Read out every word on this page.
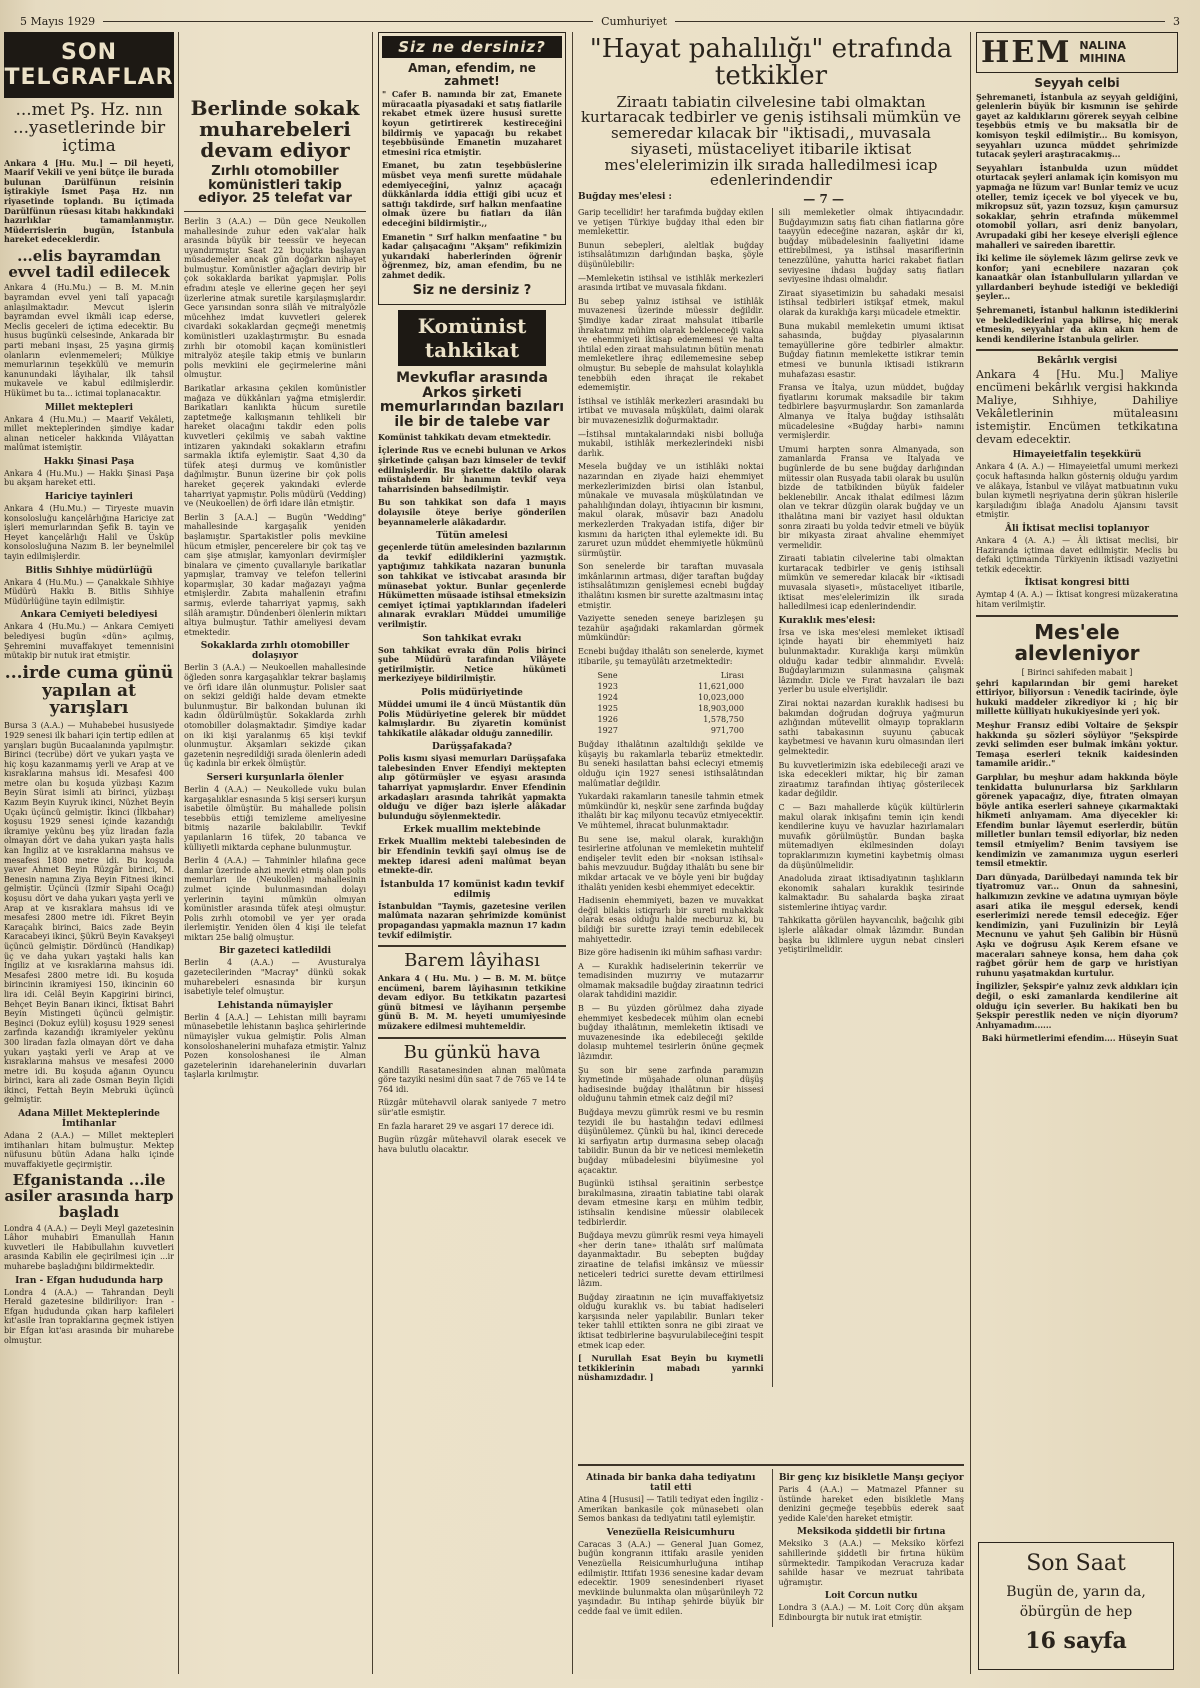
5 Mayıs 1929	Cumhuriyet	3
SON TELGRAFLAR
...met Pş. Hz. nın ...yasetlerinde bir içtima

Ankara 4 [Hu. Mu.] — Dil heyeti, Maarif Vekili ve yeni bütçe ile burada bulunan Darülfünun reisinin iştirakiyle İsmet Paşa Hz. nın riyasetinde toplandı. Bu içtimada Darülfünun rüesası kitabı hakkındaki hazırlıklar tamamlanmıştır. Müderrislerin bugün, İstanbula hareket edeceklerdir.

...elis bayramdan evvel tadil edilecek

Ankara 4 (Hu.Mu.) — B. M. M.nin bayramdan evvel yeni talî yapacağı anlaşılmaktadır. Mevcut işlerin bayramdan evvel ikmâli icap ederse, Meclis geceleri de içtima edecektir. Bu husus bugünkü celsesinde, Ankarada bir parti mebani inşası, 25 yaşına girmiş olanların evlenmemeleri; Mülkiye memurlarının teşekkülü ve memurin kanunundaki lâyihalar, ilk tahsil mukavele ve kabul edilmişlerdir. Hükümet bu ta... ictimai toplanacaktır.

Millet mektepleri

Ankara 4 (Hu.Mu.) — Maarif Vekâleti, millet mekteplerinden şimdiye kadar alınan neticeler hakkında Vilâyattan malûmat istemiştir.

Hakkı Şinasi Paşa

Ankara 4 (Hu.Mu.) — Hakkı Şinasi Paşa bu akşam hareket etti.

Hariciye tayinleri

Ankara 4 (Hu.Mu.) — Tiryeste muavin konsolosluğu kançelârlığına Hariciye zat işleri memurlarından Şefik B. tayin ve Heyet kançelârlığı Halil ve Üsküp konsolosluğuna Nazım B. ler beynelmilel tayin edilmişlerdir.

Bitlis Sıhhiye müdürlüğü

Ankara 4 (Hu.Mu.) — Çanakkale Sıhhiye Müdürü Hakkı B. Bitlis Sıhhiye Müdürlüğüne tayin edilmiştir.

Ankara Cemiyeti belediyesi

Ankara 4 (Hu.Mu.) — Ankara Cemiyeti belediyesi bugün «dün» açılmış, Şehremini muvaffakıyet temennisini mütakip bir nutuk irat etmiştir.

...irde cuma günü yapılan at yarışları

Bursa 3 (A.A.) — Muhabebei hususiyede 1929 senesi ilk bahari için tertip edilen at yarışları bugün Bucaalanında yapılmıştır. Birinci (tecrübe) dört ve yukarı yaşta ve hiç koşu kazanmamış yerli ve Arap at ve kısraklarına mahsus idi. Mesafesi 400 metre olan bu koşuda yüzbaşı Kazım Beyin Sürat isimli atı birinci, yüzbaşı Kazım Beyin Kuyruk ikinci, Nüzhet Beyin Uçakı üçüncü gelmiştir. İkinci (İlkbahar) koşusu 1929 senesi içinde kazandığı ikramiye yekûnu beş yüz liradan fazla olmayan dört ve daha yukarı yaşta halis kan İngiliz at ve kısraklarına mahsus ve mesafesi 1800 metre idi. Bu koşuda yaver Ahmet Beyin Rüzgâr birinci, M. Benesin namına Ziya Beyin Fitnesi ikinci gelmiştir. Üçüncü (İzmir Sipahi Ocağı) koşusu dört ve daha yukarı yaşta yerli ve Arap at ve kısraklara mahsus idi ve mesafesi 2800 metre idi. Fikret Beyin Karaçalık birinci, Baics zade Beyin Karacabeyi ikinci, Şükrü Beyin Kavakşeyi üçüncü gelmiştir. Dördüncü (Handikap) üç ve daha yukarı yaştaki halis kan İngiliz at ve kısraklarına mahsus idi. Mesafesi 2800 metre idi. Bu koşuda birincinin ikramiyesi 150, ikincinin 60 lira idi. Celâl Beyin Kapgirini birinci, Behçet Beyin Banarı ikinci, İktisat Bahri Beyin Mistingeti üçüncü gelmiştir. Beşinci (Dokuz eylül) koşusu 1929 senesi zarfında kazandığı ikramiyeler yekûnu 300 liradan fazla olmayan dört ve daha yukarı yaştaki yerli ve Arap at ve kısraklarına mahsus ve mesafesi 2000 metre idi. Bu koşuda ağanın Oyuncu birinci, kara ali zade Osman Beyin Ilçidi ikinci, Fettah Beyin Mebruki üçüncü gelmiştir.

Adana Millet Mekteplerinde İmtihanlar

Adana 2 (A.A.) — Millet mektepleri imtihanları hitam bulmuştur. Mektep nüfusunu bütün Adana halkı içinde muvaffakiyetle geçirmiştir.

Efganistanda ...ile asiler arasında harp başladı

Londra 4 (A.A.) — Deyli Meyl gazetesinin Lâhor muhabiri Emanullah Hanın kuvvetleri ile Habibullahın kuvvetleri arasında Kabilin ele geçirilmesi için ...ir muharebe başladığını bildirmektedir.

Iran - Efgan hududunda harp

Londra 4 (A.A.) — Tahrandan Deyli Herald gazetesine bildiriliyor: İran - Efgan hududunda çıkan harp kafileleri kıt'asile İran topraklarına geçmek istiyen bir Efgan kıt'ası arasında bir muharebe olmuştur.

Berlinde sokak muharebeleri devam ediyor
Zırhlı otomobiller komünistleri takip ediyor. 25 telefat var

Berlin 3 (A.A.) — Dün gece Neukollen mahallesinde zuhur eden vak'alar halk arasında büyük bir teessür ve heyecan uyandırmıştır. Saat 22 buçukta başlayan müsademeler ancak gün doğarkın nihayet bulmuştur. Komünistler ağaçları devirip bir çok sokaklarda barikat yapmışlar. Polis efradını ateşle ve ellerine geçen her şeyi üzerlerine atmak suretile karşılaşmışlardır. Gece yarısından sonra silâh ve mitralyözle mücehhez imdat kuvvetleri gelerek civardaki sokaklardan geçmeği menetmiş komünistleri uzaklaştırmıştır. Bu esnada zırhlı bir otomobil kaçan komünistleri mitralyöz ateşile takip etmiş ve bunların polis mevkiini ele geçirmelerine mâni olmuştur.

Barikatlar arkasına çekilen komünistler mağaza ve dükkânları yağma etmişlerdir. Barikatları kanlıkta hücum suretile zaptetmeğe kalkışmanın tehlikeli bir hareket olacağını takdir eden polis kuvvetleri çekilmiş ve sabah vaktine intizaren yakındaki sokakların etrafını sarmakla iktifa eylemiştir. Saat 4,30 da tüfek ateşi durmuş ve komünistler dağılmıştır. Bunun üzerine bir çok polis hareket geçerek yakındaki evlerde taharriyat yapmıştır. Polis müdürü (Vedding) ve (Neukoellen) de örfi idare ilân etmiştir.

Berlin 3 [A.A.] — Bugün "Wedding" mahallesinde kargaşalık yeniden başlamıştır. Spartakistler polis mevkiine hücum etmişler, pencerelere bir çok taş ve cam şişe atmışlar, kamyonları devirmişler binalara ve çimento çuvallarıyle barikatlar yapmışlar, tramvay ve telefon tellerini koparmışlar, 30 kadar mağazayı yağma etmişlerdir. Zabıta mahallenin etrafını sarmış, evlerde taharriyat yapmış, sakh silâh aramıştır. Dündenberi ölenlerin miktarı altıya bulmuştur. Tathir ameliyesi devam etmektedir.

Sokaklarda zırhlı otomobiller dolaşıyor

Berlin 3 (A.A.) — Neukoellen mahallesinde öğleden sonra kargaşalıklar tekrar başlamış ve örfi idare ilân olunmuştur. Polisler saat on sekizi geldiği halde devam etmekte bulunmuştur. Bir balkondan bulunan iki kadın öldürülmüştür. Sokaklarda zırhlı otomobiller dolaşmaktadır. Şimdiye kadar on iki kişi yaralanmış 65 kişi tevkif olunmuştur. Akşamları sekizde çıkan gazetenin neşredildiği sırada ölenlerin adedi üç kadınla bir erkek ölmüştür.

Serseri kurşunlarla ölenler

Berlin 4 (A.A.) — Neukollede vuku bulan kargaşalıklar esnasında 5 kişi serseri kurşun isabetile ölmüştür. Bu mahallede polisin tesebbüs ettiği temizleme ameliyesine bitmiş nazarile bakılabilir. Tevkif yapılanların 16 tüfek, 20 tabanca ve külliyetli miktarda cephane bulunmuştur.

Berlin 4 (A.A.) — Tahminler hilafına gece damlar üzerinde ahzi mevki etmiş olan polis memurları ile (Neukollen) mahallesinin zulmet içinde bulunmasından dolayı yerlerinin tayini mümkün olmıyan komünistler arasında tüfek ateşi olmuştur. Polis zırhlı otomobil ve yer yer orada ilerlemiştir. Yeniden ölen 4 kişi ile telefat miktarı 25e baliğ olmuştur.

Bir gazeteci katledildi

Berlin 4 (A.A.) — Avusturalya gazetecilerinden "Macray" dünkü sokak muharebeleri esnasında bir kurşun isabetiyle telef olmuştur.

Lehistanda nümayişler

Berlin 4 [A.A.] — Lehistan milli bayramı münasebetile lehistanın başlıca şehirlerinde nümayişler vukua gelmiştir. Polis Alman konsoloshanelerini muhafaza etmiştir. Yalnız Pozen konsoloshanesi ile Alman gazetelerinin idarehanelerinin duvarları taşlarla kırılmıştır.

Siz ne dersiniz?
Aman, efendim, ne zahmet!

" Cafer B. namında bir zat, Emanete müracaatla piyasadaki et satış fiatlarile rekabet etmek üzere hususi surette koyun getirtirerek kestireceğini bildirmiş ve yapacağı bu rekabet teşebbüsünde Emanetin muzaharet etmesini rica etmiştir.

Emanet, bu zatın teşebbüslerine müsbet veya menfi surette müdahale edemiyeceğini, yalnız açacağı dükkânlarda iddia ettiği gibi ucuz et sattığı takdirde, sırf halkın menfaatine olmak üzere bu fiatları da ilân edeceğini bildirmiştir.,,

Emanetin " Sırf halkın menfaatine " bu kadar çalışacağını "Akşam" refikimizin yukarıdaki haberlerinden öğrenir öğrenmez, biz, aman efendim, bu ne zahmet dedik.

Siz ne dersiniz ?
Komünist tahkikat
Mevkuflar arasında Arkos şirketi memurlarından bazıları ile bir de talebe var

Komünist tahkikatı devam etmektedir.

İçlerinde Rus ve ecnebi bulunan ve Arkos şirketinde çalışan bazı kimseler de tevkif edilmişlerdir. Bu şirkette daktilo olarak müstahdem bir hanımın tevkif veya taharrisinden bahsedilmiştir.

Bu son tahkikat son dafa 1 mayıs dolayısile öteye beriye gönderilen beyannamelerle alâkadardır.

Tütün amelesi

geçenlerde tütün amelesinden bazılarının da tevkif edildiklerini yazmıştık. yaptığımız tahkikata nazaran bununla son tahkikat ve istivcabat arasında bir münasebat yoktur. Bunlar geçenlerde Hükümetten müsaade istihsal etmeksizin cemiyet içtimai yaptıklarından ifadeleri alınarak evrakları Müddei umumiliğe verilmiştir.

Son tahkikat evrakı

Son tahkikat evrakı dün Polis birinci şube Müdürü tarafından Vilâyete getirilmiştir. Netice hükûmeti merkeziyeye bildirilmiştir.

Polis müdüriyetinde

Müddei umumi ile 4 üncü Müstantik dün Polis Müdüriyetine gelerek bir müddet kalmışlardır. Bu ziyaretin komünist tahkikatile alâkadar olduğu zannedilir.

Darüşşafakada?

Polis kısmı siyasi memurları Darüşşafaka talebesinden Enver Efendiyi mektepten alıp götürmüşler ve eşyası arasında taharriyat yapmışlardır. Enver Efendinin arkadaşları arasında tahrikât yapmakta olduğu ve diğer bazı işlerle alâkadar bulunduğu söylenmektedir.

Erkek muallim mektebinde

Erkek Muallim mektebi talebesinden de bir Efendinin tevkifi şayi olmuş ise de mektep idaresi adeni malûmat beyan etmekte-dir.

İstanbulda 17 komünist kadın tevkif edilmiş

İstanbuldan "Taymis, gazetesine verilen malûmata nazaran şehrimizde komünist propagandası yapmakla maznun 17 kadın tevkif edilmiştir.

Barem lâyihası

Ankara 4 ( Hu. Mu. ) — B. M. M. bütçe encümeni, barem lâyihasının tetkikine devam ediyor. Bu tetkikatın pazartesi günü bitmesi ve lâyihanın perşembe günü B. M. M. heyeti umumiyesinde müzakere edilmesi muhtemeldir.

Bu günkü hava

Kandilli Rasatanesinden alınan malûmata göre tazyiki nesimi dün saat 7 de 765 ve 14 te 764 idi.

Rüzgâr mütehavvil olarak saniyede 7 metro sür'atle esmiştir.

En fazla hararet 29 ve asgari 17 derece idi.

Bugün rüzgâr mütehavvil olarak esecek ve hava bulutlu olacaktır.

"Hayat pahalılığı" etrafında tetkikler
Ziraatı tabiatin cilvelesine tabi olmaktan kurtaracak tedbirler ve geniş istihsali mümkün ve semeredar kılacak bir "iktisadi,, muvasala siyaseti, müstaceliyet itibarile iktisat mes'elelerimizin ilk sırada halledilmesi icap edenlerindendir
Buğday mes'elesi :	— 7 —

Garip tecellidir! her tarafımda buğday ekilen ve yetişen Türkiye buğday ithal eden bir memlekettir.

Bunun sebepleri, aleltlak buğday istihsalâtımızın darlığından başka, şöyle düşünülebilir:

—Memleketin istihsal ve istihlâk merkezleri arasında irtibat ve muvasala fıkdanı.

Bu sebep yalnız istihsal ve istihlâk muvazenesi üzerinde müessir değildir. Şimdiye kadar ziraat mahsulat itibarile ihrakatımız mühim olarak bekleneceği vakıa ve ehemmiyeti iktisap edememesi ve halta ihtilal eden ziraat mahsulatının bütün menatı memleketlere ihraç edilememesine sebep olmuştur. Bu sebeple de mahsulat kolaylıkla tenebbüh eden ihraçat ile rekabet edememiştir.

İstihsal ve istihlâk merkezleri arasındaki bu irtibat ve muvasala müşkülatı, daimi olarak bir muvazenesizlik doğurmaktadır.

—İstihsal mıntakalarındaki nisbi bolluğa mukabil, istihlâk merkezlerindeki nisbi darlık.

Mesela buğday ve un istihlâki noktai nazarından en ziyade haizi ehemmiyet merkezlerimizden birisi olan İstanbul, münakale ve muvasala müşkülatından ve pahalılığından dolayı, ihtiyacının bir kısmını, makul olarak, müsavir bazı Anadolu merkezlerden Trakyadan istifa, diğer bir kısmını da hariçten ithal eylemekte idi. Bu zaruret uzun müddet ehemmiyetle hükmünü sürmüştür.

Son senelerde bir taraftan muvasala imkânlarının artması, diğer taraftan buğday istihsalâtımızın genişlemesi ecnebi buğday ithalâtını kısmen bir surette azaltmasını intaç etmiştir.

Vaziyette seneden seneye barizleşen şu tezahür aşağıdaki rakamlardan görmek mümkündür:

Ecnebi buğday ithalâtı son senelerde, kıymet itibarile, şu temayülâtı arzetmektedir:

Sene	Lirası
1923	11,621,000
1924	10,023,000
1925	18,903,000
1926	1,578,750
1927	971,700

Buğday ithalâtının azaltıldığı şekilde ve küşayiş bu rakamlarla tebarüz etmektedir. Bu seneki hasılattan bahsi eclecıyi etmemiş olduğu için 1927 senesi istihsalâtından malûmatlar değildir.

Yukardaki rakamların tanesile tahmin etmek mümkündür ki, neşkür sene zarfında buğday ithalâtı bir kaç milyonu tecavüz etmiyecektir. Ve mühtemel, ihracat bulunmaktadır.

Bu sene ise, makul olarak, kuraklığın tesirlerine atfolunan ve memleketin muhtelif endişeler tevlit eden bir «noksan istihsal» bahis mevzuudur. Buğday ithalâtı bu sene bir mikdar artacak ve ve böyle yeni bir buğday ithalâtı yeniden kesbi ehemmiyet edecektir.

Hadisenin ehemmiyeti, bazen ve muvakkat değil bilakis istiqrarlı bir sureti muhakkak olarak esas olduğu halde mecburuz ki, bu bildiği bir surette izrayi temin edebilecek mahiyettedir.

Bize göre hadisenin iki mühim safhası vardır:

A — Kuraklık hadiselerinin tekerrür ve temadisinden muzırrıy ve mutazarrır olmamak maksadile buğday ziraatının tedrici olarak tahdidini mazidir.

B — Bu yüzden görülmez daha ziyade ehemmiyet kesbedecek mühim olan ecnebi buğday ithalâtının, memleketin iktisadi ve muvazenesinde ika edebileceği şekilde dolasıp muhtemel tesirlerin önüne geçmek lâzımdır.

Şu son bir sene zarfında paramızın kıymetinde müşahade olunan düşüş hadisesinde buğday ithalâtının bir hissesi olduğunu tahmin etmek caiz değil mi?

Buğdaya mevzu gümrük resmi ve bu resmin tezyidi ile bu hastalığın tedavi edilmesi düşünülemez. Çünkü bu hal, ikinci derecede ki sarfiyatın artıp durmasına sebep olacağı tabiidir. Bunun da bir ve neticesi memleketin buğday mübadelesini büyümesine yol açacaktır.

Bugünkü istihsal şeraitinin serbestçe bırakılmasına, ziraatin tabiatine tabi olarak devam etmesine karşı en mühim tedbir, istihsalin kendisine müessir olabilecek tedbirlerdir.

Buğdaya mevzu gümrük resmi veya himayeli «her derin tane» ithalâtı sırf malûmata dayanmaktadır. Bu sebepten buğday ziraatine de telafisi imkânsız ve müessir neticeleri tedrici surette devam ettirilmesi lâzım.

Buğday ziraatının ne için muvaffakiyetsiz olduğu kuraklık vs. bu tabiat hadiseleri karşısında neler yapılabilir. Bunları teker teker tahlil ettikten sonra ne gibi ziraat ve iktisat tedbirlerine başvurulabileceğini tespit etmek icap eder.

[ Nurullah Esat Beyin bu kıymetli tetkiklerinin mabadı yarınki nüshamızdadır. ]

sili memleketler olmak ihtiyacındadır. Buğdayımızın satış fiatı cihan fiatlarına göre taayyün edeceğine nazaran, aşkâr dır ki, buğday mübadelesinin faaliyetini idame ettirebilmesi, ya istihsal masariflerinin tenezzülüne, yahutta harici rakabet fiatları seviyesine ihdası buğday satış fiatları seviyesine ihdası olmalıdır.

Ziraat siyasetimizin bu sahadaki mesaisi istihsal tedbirleri istikşaf etmek, makul olarak da kuraklığa karşı mücadele etmektir.

Buna mukabil memleketin umumi iktisat sahasında, buğday piyasalarının temayüllerine göre tedbirler almaktır. Buğday fiatının memlekette istikrar temin etmesi ve bununla iktisadi istikrarın muhafazası esastır.

Fransa ve İtalya, uzun müddet, buğday fiyatlarını korumak maksadile bir takım tedbirlere başvurmuşlardır. Son zamanlarda Almanya ve İtalya buğday istihsalâtı mücadelesine «Buğday harbi» namını vermişlerdir.

Umumi harpten sonra Almanyada, son zamanlarda Fransa ve İtalyada ve bugünlerde de bu sene buğday darlığından mütessir olan Rusyada tabii olarak bu usulün bizde de tatbikinden büyük faideler beklenebilir. Ancak ithalat edilmesi lâzım olan ve tekrar düzgün olarak buğday ve un ithalâtına mani bir vaziyet hasıl olduktan sonra ziraati bu yolda tedvir etmeli ve büyük bir mikyasta ziraat ahvaline ehemmiyet vermelidir.

Ziraati tabiatin cilvelerine tabi olmaktan kurtaracak tedbirler ve geniş istihsali mümkün ve semeredar kılacak bir «iktisadi muvasala siyaseti», müstaceliyet itibarile, iktisat mes'elelerimizin ilk sırada halledilmesi icap edenlerindendir.

Kuraklık mes'elesi:

İrsa ve iska mes'elesi memleket iktisadî içinde hayati bir ehemmiyeti haiz bulunmaktadır. Kuraklığa karşı mümkün olduğu kadar tedbir alınmalıdır. Evvelâ: Buğdaylarımızın sulanmasına çalışmak lâzımdır. Dicle ve Fırat havzaları ile bazı yerler bu usule elverişlidir.

Zirai noktai nazardan kuraklık hadisesi bu bakımdan doğrudan doğruya yağmurun azlığından mütevellit olmayıp toprakların sathi tabakasının suyunu çabucak kaybetmesi ve havanın kuru olmasından ileri gelmektedir.

Bu kuvvetlerimizin iska edebileceği arazi ve iska edecekleri miktar, hiç bir zaman ziraatımız tarafından ihtiyaç gösterilecek kadar değildir.

C — Bazı mahallerde küçük kültürlerin makul olarak inkişafını temin için kendi kendilerine kuyu ve havuzlar hazırlamaları muvafık görülmüştür. Bundan başka mütemadiyen ekilmesinden dolayı topraklarımızın kıymetini kaybetmiş olması da düşünülmelidir.

Anadoluda ziraat iktisadiyatının taşlıkların ekonomik sahaları kuraklık tesirinde kalmaktadır. Bu sahalarda başka ziraat sistemlerine ihtiyaç vardır.

Tahkikatta görülen hayvancılık, bağcılık gibi işlerle alâkadar olmak lâzımdır. Bundan başka bu iklimlere uygun nebat cinsleri yetiştirilmelidir.

Atinada bir banka daha tediyatını tatil etti

Atina 4 [Hususi] — Tatili tediyat eden İngiliz - Amerikan bankasile çok münasebeti olan Semos bankası da tediyatını tatil eylemiştir.

Venezüella Reisicumhuru

Caracas 3 (A.A.) — General Juan Gomez, buğün kongranın ittifakı arasile yeniden Venezüella Reisicumhurluğuna intihap edilmiştir. Ittifatı 1936 senesine kadar devam edecektir. 1909 senesindenberi riyaset mevkiinde bulunmakta olan müşarünileyh 72 yaşındadır. Bu intihap şehirde büyük bir cedde faal ve ümit edilen.

Bir genç kız bisikletle Manşı geçiyor

Paris 4 (A.A.) — Matmazel Pfanner su üstünde hareket eden bisikletle Manş denizini geçmeğe teşebbüs ederek saat yedide Kale'den hareket etmiştir.

Meksikoda şiddetli bir fırtına

Meksiko 3 (A.A.) — Meksiko körfezi sahillerinde şiddetli bir fırtına hüküm sürmektedir. Tampikodan Veracruza kadar sahilde hasar ve mezruat tahribata uğramıştır.

Loit Corcun nutku

Londra 3 (A.A.) — M. Loit Corç dün akşam Edinbourgta bir nutuk irat etmiştir.

HEM NALINA MIHINA
Seyyah celbi

Şehremaneti, İstanbula az seyyah geldiğini, gelenlerin büyük bir kısmının ise şehirde gayet az kaldıklarını görerek seyyah celbine teşebbüs etmiş ve bu maksatla bir de komisyon teşkil edilmiştir... Bu komisyon, seyyahları uzunca müddet şehrimizde tutacak şeyleri araştıracakmış...

Seyyahları İstanbulda uzun müddet oturtacak şeyleri anlamak için komisyon mu yapmağa ne lüzum var! Bunlar temiz ve ucuz oteller, temiz içecek ve bol yiyecek ve bu, mikropsuz süt, yazın tozsuz, kışın çamursuz sokaklar, şehrin etrafında mükemmel otomobil yolları, asri deniz banyoları, Avrupadaki gibi her keseye elverişli eğlence mahalleri ve saireden ibarettir.

İki kelime ile söylemek lâzım gelirse zevk ve konfor; yani ecnebilere nazaran çok kanaatkâr olan İstanbulluların yıllardan ve yıllardanberi beyhude istediği ve beklediği şeyler...

Şehremaneti, İstanbul halkının istediklerini ve beklediklerini yapa bilirse, hiç merak etmesin, seyyahlar da akın akın hem de kendi kendilerine İstanbula gelirler.

Bekârlık vergisi

Ankara 4 [Hu. Mu.] Maliye encümeni bekârlık vergisi hakkında Maliye, Sıhhiye, Dahiliye Vekâletlerinin mütaleasını istemiştir. Encümen tetkikatına devam edecektir.

Himayeietfalin teşekkürü

Ankara 4 (A. A.) — Himayeietfal umumi merkezi çocuk haftasında halkın gösterniş olduğu yardım ve alâkaya, İstanbul ve vilâyat matbuatının vuku bulan kıymetli neşriyatına derin şükran hislerile karşıladığını iblağa Anadolu Ajansını tavsit etmiştir.

Âli İktisat meclisi toplanıyor

Ankara 4 (A. A.) — Âli iktisat meclisi, bir Haziranda içtimaa davet edilmiştir. Meclis bu defaki içtimaında Türkiyenin iktisadi vaziyetini tetkik edecektir.

İktisat kongresi bitti

Aymtap 4 (A. A.) — İktisat kongresi müzakeratına hitam verilmiştir.

Mes'ele alevleniyor
[ Birinci sahifeden mabait ]

şehri kapılarından bir gemi hareket ettiriyor, biliyorsun : Venedik tacirinde, öyle hukuki maddeler zikrediyor ki ; hiç bir millette külliyatı hukukiyesinde yeri yok.

Meşhur Fransız edibi Voltaire de Şekspir hakkında şu sözleri söylüyor "Şekspirde zevki selimden eser bulmak imkânı yoktur. Temaşa eserleri teknik kaidesinden tamamile aridir.."

Garplılar, bu meşhur adam hakkında böyle tenkidatta bulunurlarsa biz Şarklıların görenek yapacağız, diye, fıtraten olmayan böyle antika eserleri sahneye çıkarmaktaki hikmeti anlıyamam. Ama diyecekler ki: Efendim bunlar lâyemut eserlerdir, bütün milletler bunları temsil ediyorlar, biz neden temsil etmiyelim? Benim tavsiyem ise kendimizin ve zamanımıza uygun eserleri temsil etmektir.

Darı dünyada, Darülbedayi namında tek bir tiyatromuz var... Onun da sahnesini, halkımızın zevkine ve adatına uymıyan böyle asari atika ile meşgul edersek, kendi eserlerimizi nerede temsil edeceğiz. Eğer kendimizin, yani Fuzulinizin bir Leylâ Mecnunu ve yahut Şeh Galibin bir Hüsnü Aşkı ve doğrusu Aşık Kerem efsane ve maceraları sahneye konsa, hem daha çok rağbet görür hem de garp ve hıristiyan ruhunu yaşatmakdan kurtulur.

İngilizler, Şekspir'e yalnız zevk aldıkları için değil, o eski zamanlarda kendilerine ait olduğu için severler. Bu hakikati ben bu Şekspir perestlik neden ve niçin diyorum? Anlıyamadım......

Baki hürmetlerimi efendim.... Hüseyin Suat

Son Saat
Bugün de, yarın da, öbürgün de hep
16 sayfa
